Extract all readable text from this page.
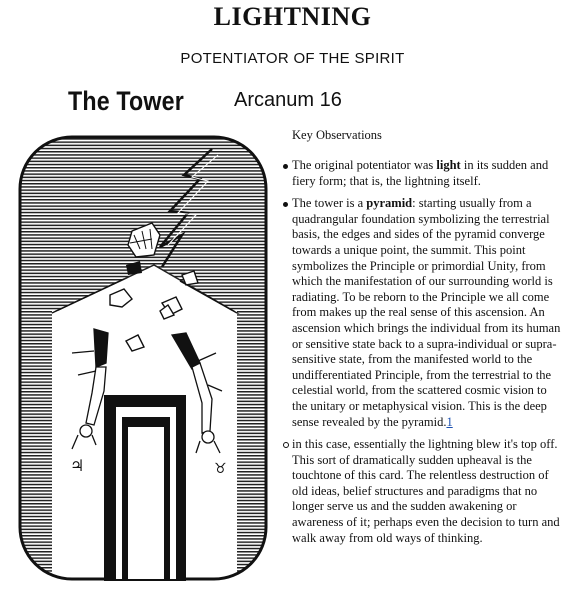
LIGHTNING
POTENTIATOR OF THE SPIRIT
The Tower	Arcanum 16
♃	♉
Key Observations
The original potentiator was light in its sudden and fiery form; that is, the lightning itself.
The tower is a pyramid: starting usually from a quadrangular foundation symbolizing the terrestrial basis, the edges and sides of the pyramid converge towards a unique point, the summit. This point symbolizes the Principle or primordial Unity, from which the manifestation of our surrounding world is radiating. To be reborn to the Principle we all come from makes up the real sense of this ascension. An ascension which brings the individual from its human or sensitive state back to a supra-individual or supra-sensitive state, from the manifested world to the undifferentiated Principle, from the terrestrial to the celestial world, from the scattered cosmic vision to the unitary or metaphysical vision. This is the deep sense revealed by the pyramid.1
in this case, essentially the lightning blew it's top off. This sort of dramatically sudden upheaval is the touchtone of this card. The relentless destruction of old ideas, belief structures and paradigms that no longer serve us and the sudden awakening or awareness of it; perhaps even the decision to turn and walk away from old ways of thinking.
